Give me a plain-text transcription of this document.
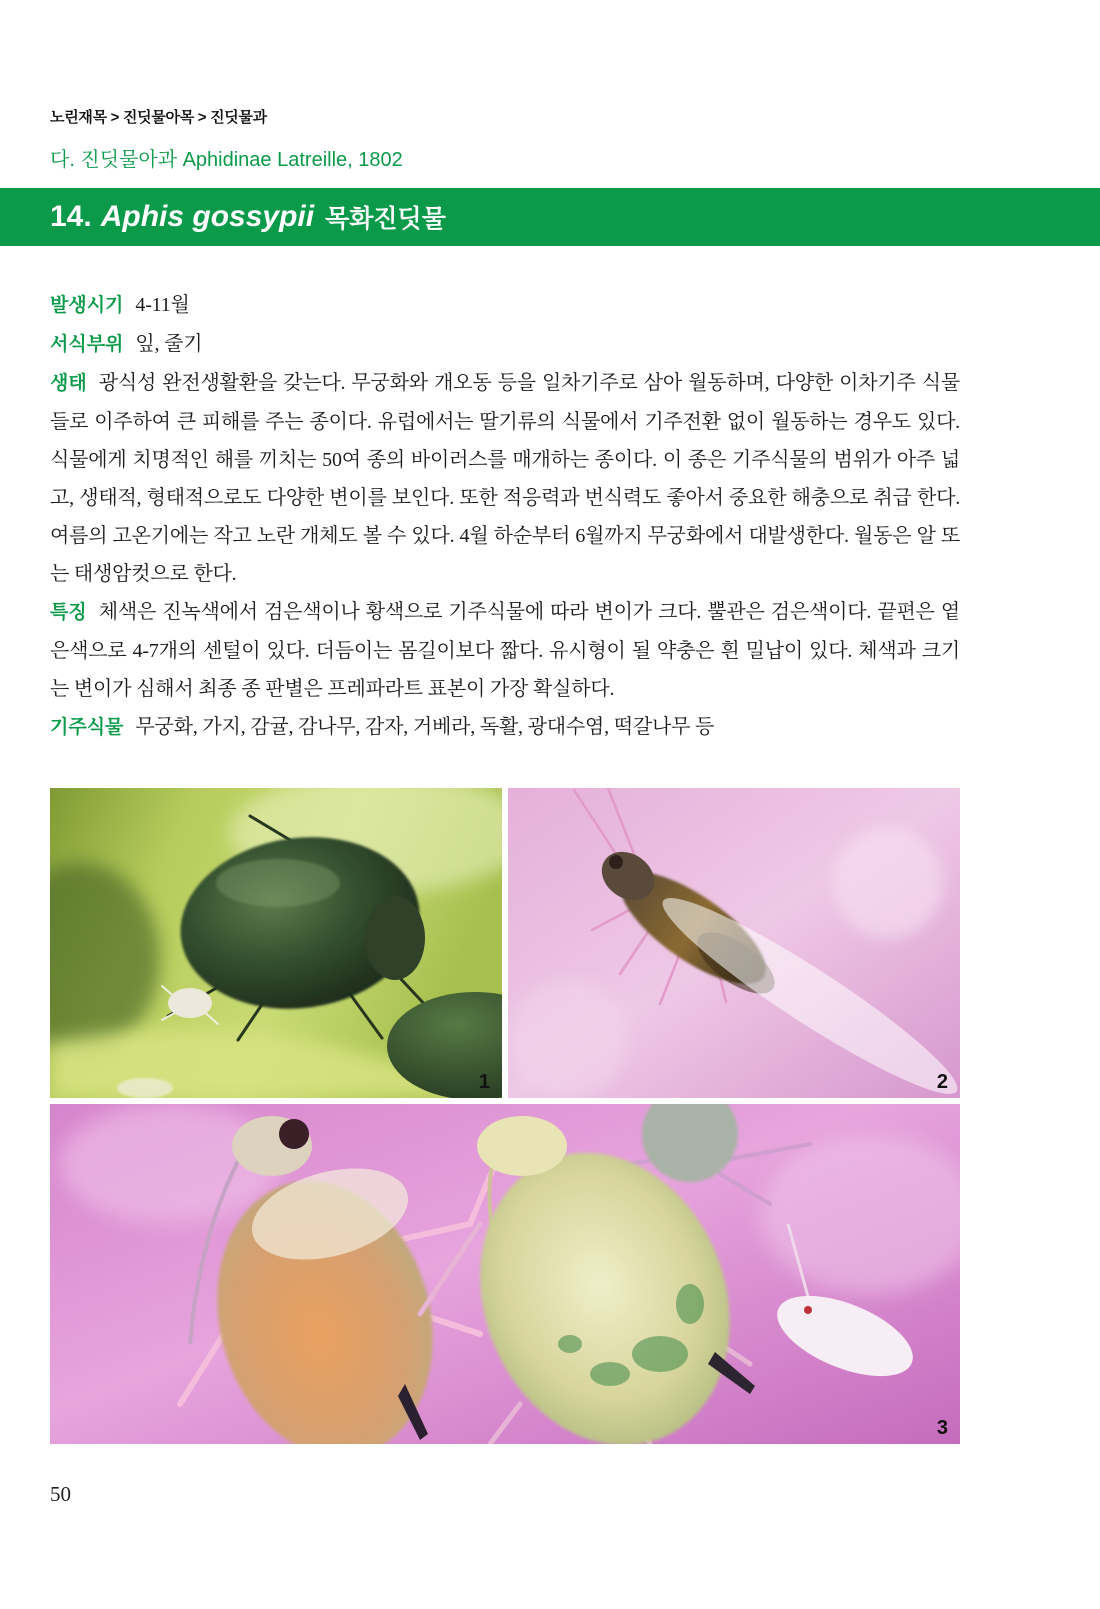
노린재목 > 진딧물아목 > 진딧물과
다. 진딧물아과 Aphidinae Latreille, 1802
14. Aphis gossypii 목화진딧물

발생시기 4-11월

서식부위 잎, 줄기

생태 광식성 완전생활환을 갖는다. 무궁화와 개오동 등을 일차기주로 삼아 월동하며, 다양한 이차기주 식물들로 이주하여 큰 피해를 주는 종이다. 유럽에서는 딸기류의 식물에서 기주전환 없이 월동하는 경우도 있다. 식물에게 치명적인 해를 끼치는 50여 종의 바이러스를 매개하는 종이다. 이 종은 기주식물의 범위가 아주 넓고, 생태적, 형태적으로도 다양한 변이를 보인다. 또한 적응력과 번식력도 좋아서 중요한 해충으로 취급 한다. 여름의 고온기에는 작고 노란 개체도 볼 수 있다. 4월 하순부터 6월까지 무궁화에서 대발생한다. 월동은 알 또는 태생암컷으로 한다.

특징 체색은 진녹색에서 검은색이나 황색으로 기주식물에 따라 변이가 크다. 뿔관은 검은색이다. 끝편은 옅은색으로 4-7개의 센털이 있다. 더듬이는 몸길이보다 짧다. 유시형이 될 약충은 흰 밀납이 있다. 체색과 크기는 변이가 심해서 최종 종 판별은 프레파라트 표본이 가장 확실하다.

기주식물 무궁화, 가지, 감귤, 감나무, 감자, 거베라, 독활, 광대수염, 떡갈나무 등

1	2
3
50
